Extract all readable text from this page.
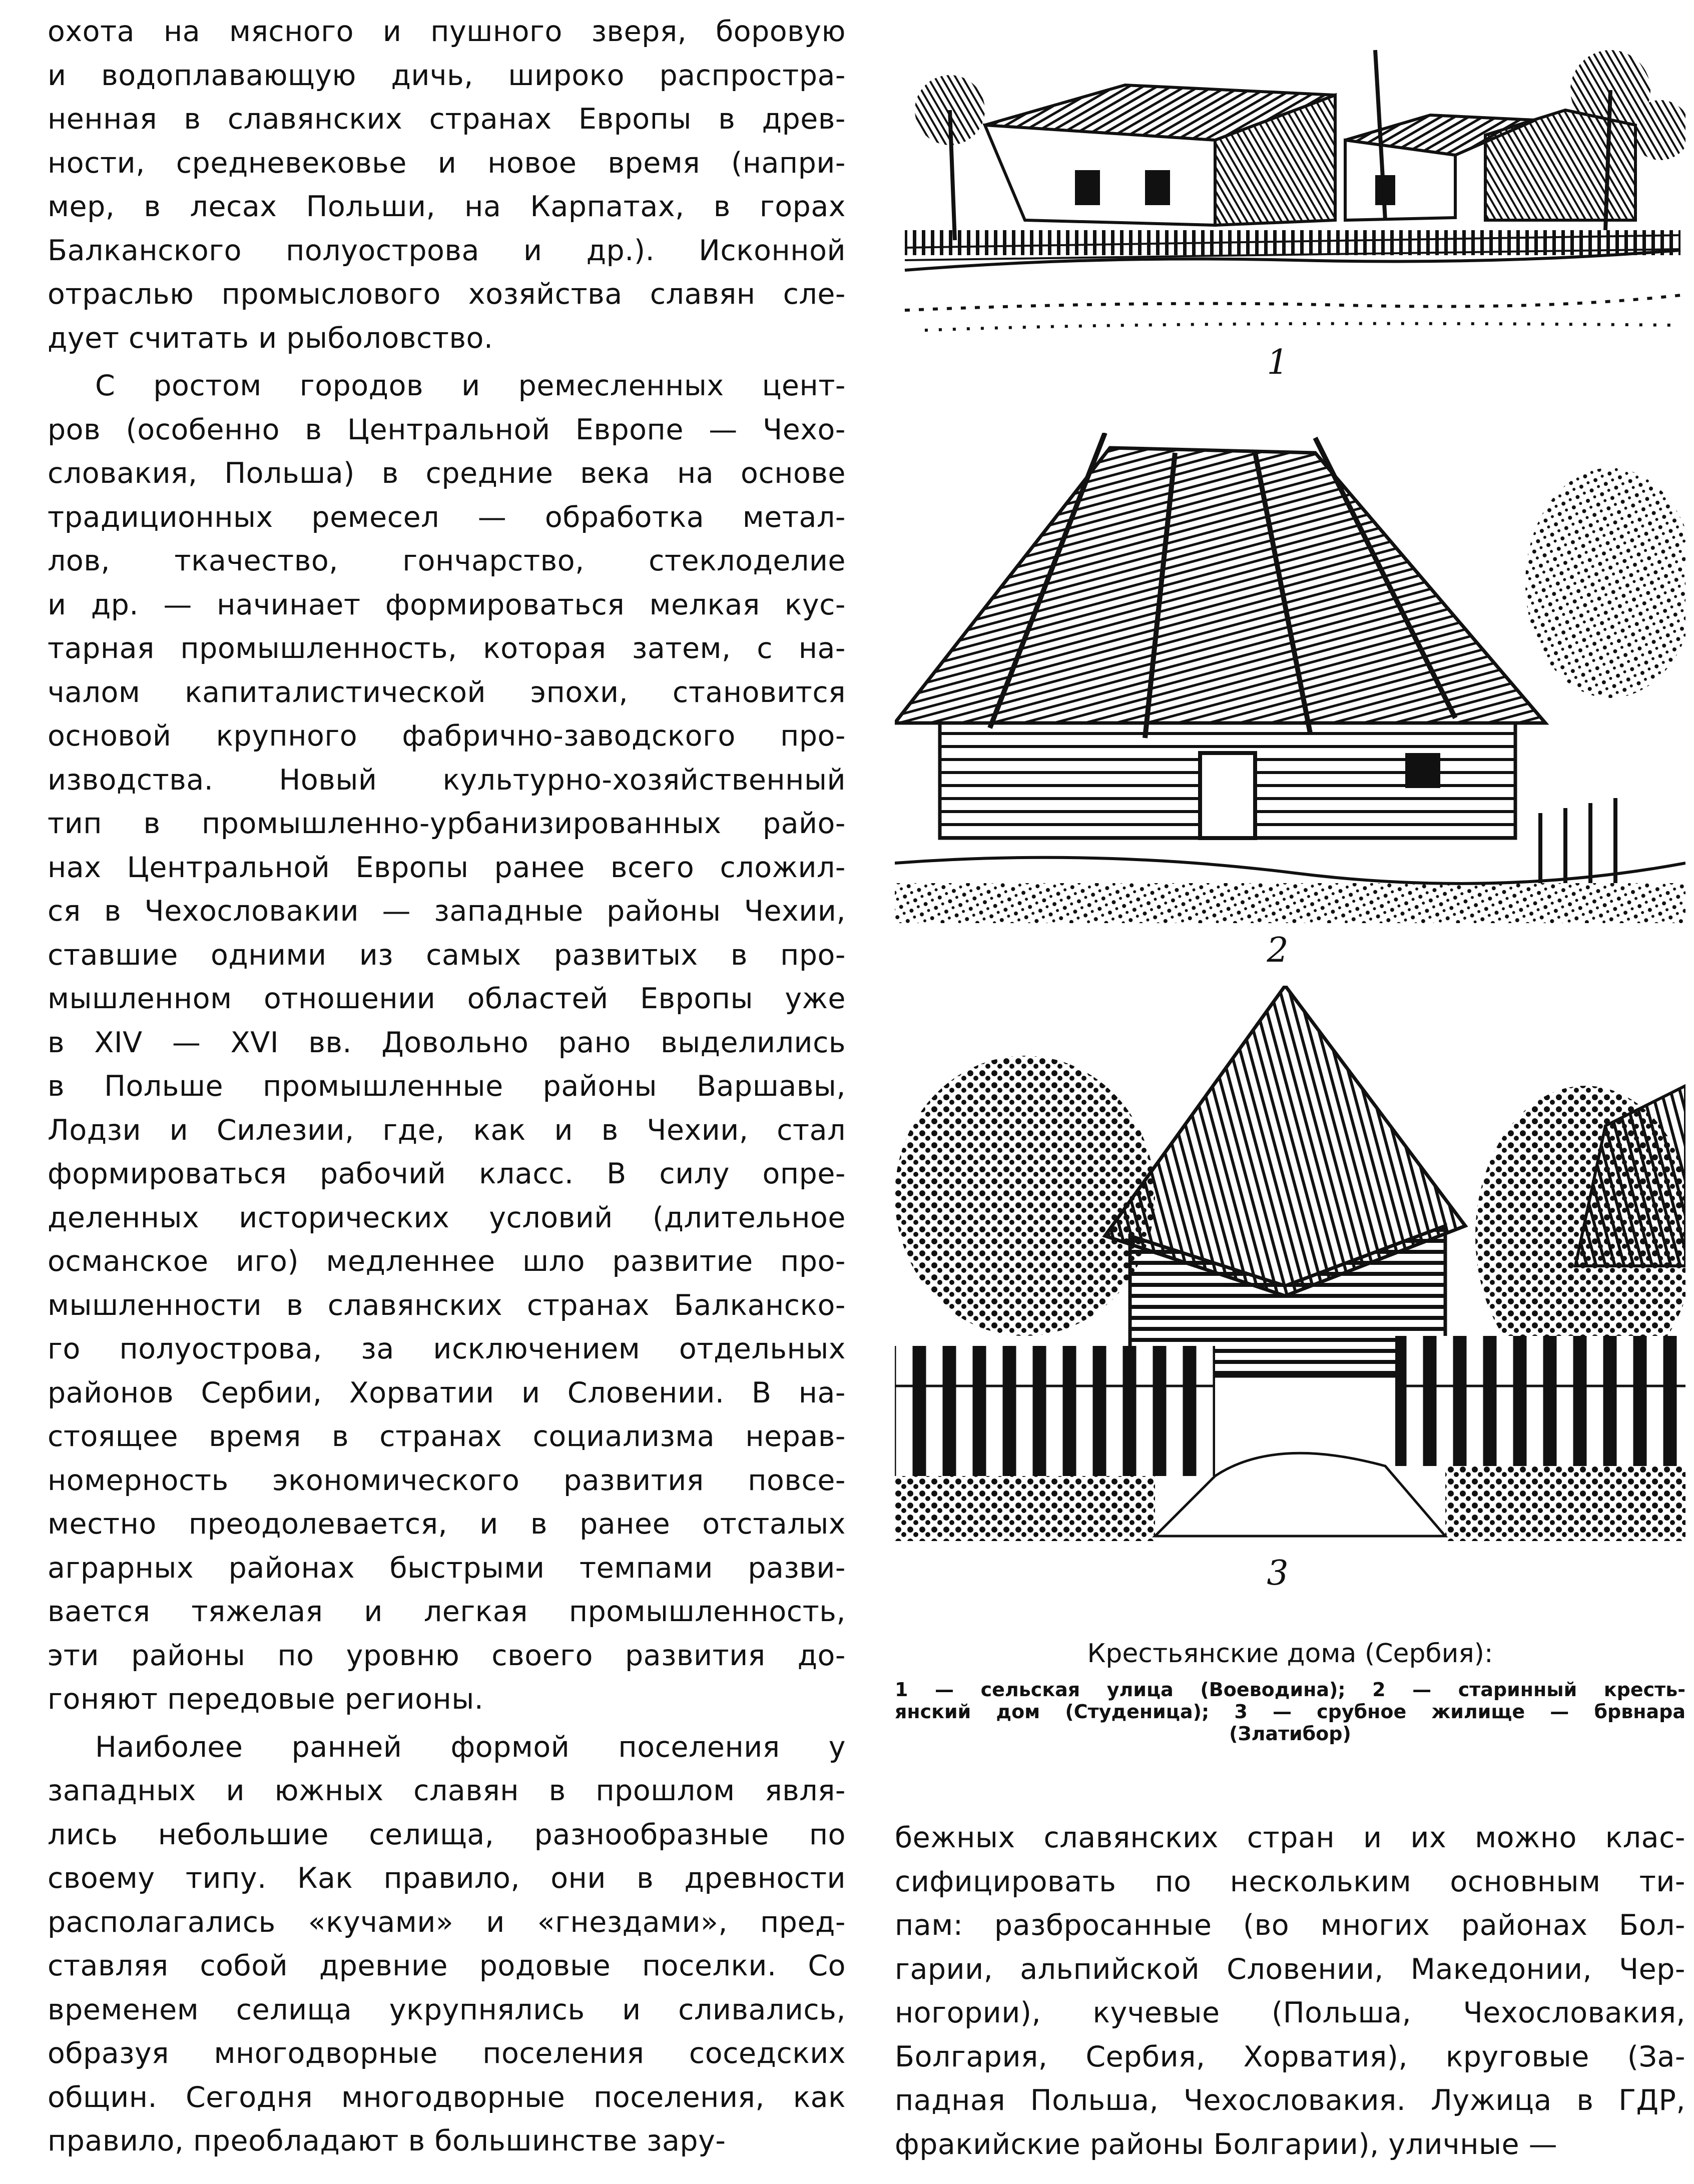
охота на мясного и пушного зверя, боровую
и водоплавающую дичь, широко распростра-
ненная в славянских странах Европы в древ-
ности, средневековье и новое время (напри-
мер, в лесах Польши, на Карпатах, в горах
Балканского полуострова и др.). Исконной
отраслью промыслового хозяйства славян сле-
дует считать и рыболовство.
С ростом городов и ремесленных цент-
ров (особенно в Центральной Европе — Чехо-
словакия, Польша) в средние века на основе
традиционных ремесел — обработка метал-
лов, ткачество, гончарство, стеклоделие
и др. — начинает формироваться мелкая кус-
тарная промышленность, которая затем, с на-
чалом капиталистической эпохи, становится
основой крупного фабрично-заводского про-
изводства. Новый культурно-хозяйственный
тип в промышленно-урбанизированных райо-
нах Центральной Европы ранее всего сложил-
ся в Чехословакии — западные районы Чехии,
ставшие одними из самых развитых в про-
мышленном отношении областей Европы уже
в XIV — XVI вв. Довольно рано выделились
в Польше промышленные районы Варшавы,
Лодзи и Силезии, где, как и в Чехии, стал
формироваться рабочий класс. В силу опре-
деленных исторических условий (длительное
османское иго) медленнее шло развитие про-
мышленности в славянских странах Балканско-
го полуострова, за исключением отдельных
районов Сербии, Хорватии и Словении. В на-
стоящее время в странах социализма нерав-
номерность экономического развития повсе-
местно преодолевается, и в ранее отсталых
аграрных районах быстрыми темпами разви-
вается тяжелая и легкая промышленность,
эти районы по уровню своего развития до-
гоняют передовые регионы.
Наиболее ранней формой поселения у
западных и южных славян в прошлом явля-
лись небольшие селища, разнообразные по
своему типу. Как правило, они в древности
располагались «кучами» и «гнездами», пред-
ставляя собой древние родовые поселки. Со
временем селища укрупнялись и сливались,
образуя многодворные поселения соседских
общин. Сегодня многодворные поселения, как
правило, преобладают в большинстве зару-
1
2
3
Крестьянские дома (Сербия):
1 — сельская улица (Воеводина); 2 — старинный кресть-
янский дом (Студеница); 3 — срубное жилище — брвнара
(Златибор)
бежных славянских стран и их можно клас-
сифицировать по нескольким основным ти-
пам: разбросанные (во многих районах Бол-
гарии, альпийской Словении, Македонии, Чер-
ногории), кучевые (Польша, Чехословакия,
Болгария, Сербия, Хорватия), круговые (За-
падная Польша, Чехословакия. Лужица в ГДР,
фракийские районы Болгарии), уличные —
